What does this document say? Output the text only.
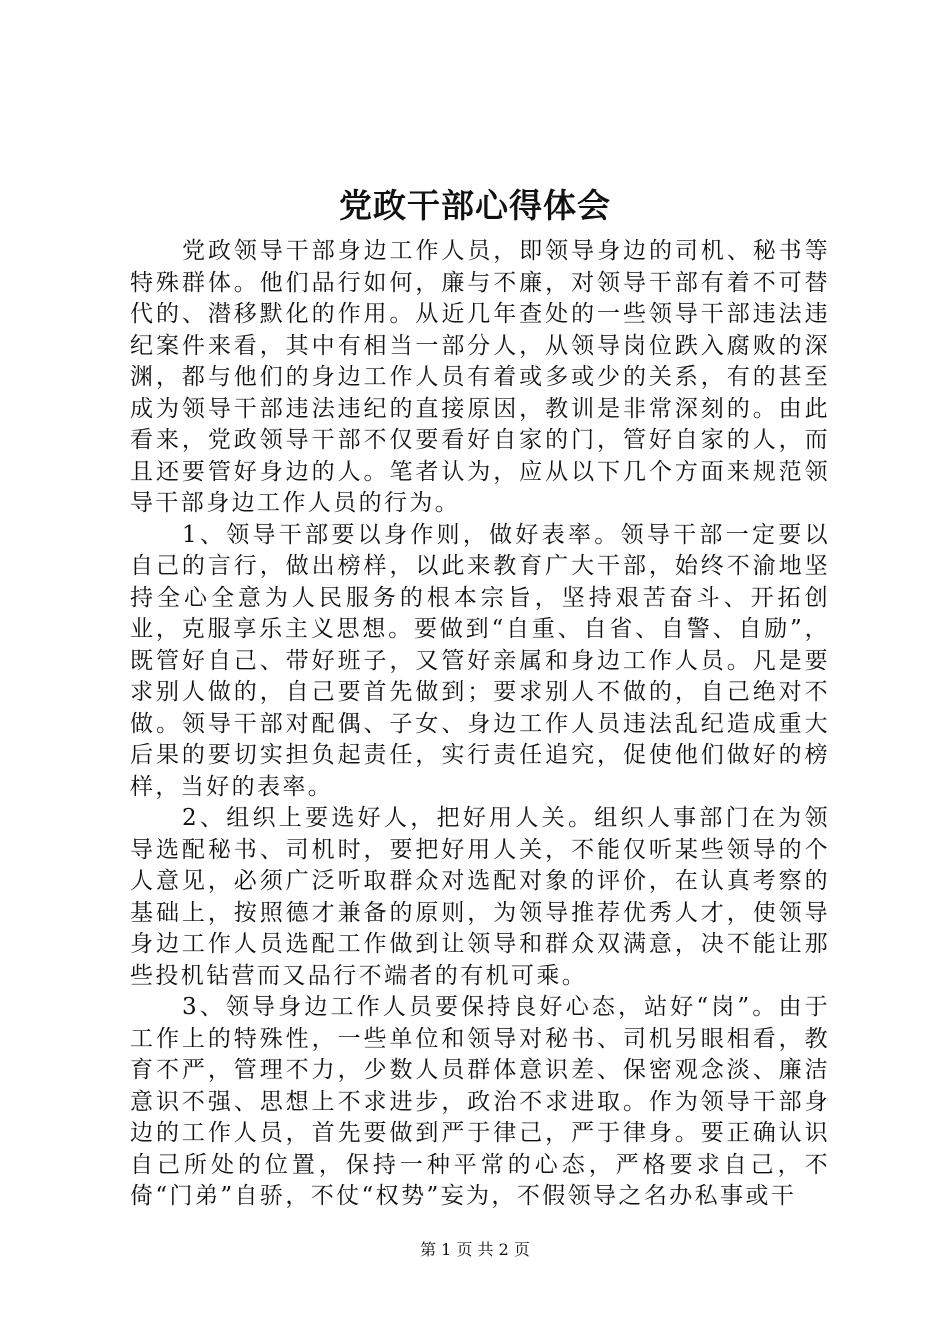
党政干部心得体会

党政领导干部身边工作人员，即领导身边的司机、秘书等特殊群体。他们品行如何，廉与不廉，对领导干部有着不可替代的、潜移默化的作用。从近几年查处的一些领导干部违法违纪案件来看，其中有相当一部分人，从领导岗位跌入腐败的深渊，都与他们的身边工作人员有着或多或少的关系，有的甚至成为领导干部违法违纪的直接原因，教训是非常深刻的。由此看来，党政领导干部不仅要看好自家的门，管好自家的人，而且还要管好身边的人。笔者认为，应从以下几个方面来规范领导干部身边工作人员的行为。

1、领导干部要以身作则，做好表率。领导干部一定要以自己的言行，做出榜样，以此来教育广大干部，始终不渝地坚持全心全意为人民服务的根本宗旨，坚持艰苦奋斗、开拓创业，克服享乐主义思想。要做到“自重、自省、自警、自励”，既管好自己、带好班子，又管好亲属和身边工作人员。凡是要求别人做的，自己要首先做到；要求别人不做的，自己绝对不做。领导干部对配偶、子女、身边工作人员违法乱纪造成重大后果的要切实担负起责任，实行责任追究，促使他们做好的榜样，当好的表率。

2、组织上要选好人，把好用人关。组织人事部门在为领导选配秘书、司机时，要把好用人关，不能仅听某些领导的个人意见，必须广泛听取群众对选配对象的评价，在认真考察的基础上，按照德才兼备的原则，为领导推荐优秀人才，使领导身边工作人员选配工作做到让领导和群众双满意，决不能让那些投机钻营而又品行不端者的有机可乘。

3、领导身边工作人员要保持良好心态，站好“岗”。由于工作上的特殊性，一些单位和领导对秘书、司机另眼相看，教育不严，管理不力，少数人员群体意识差、保密观念淡、廉洁意识不强、思想上不求进步，政治不求进取。作为领导干部身边的工作人员，首先要做到严于律己，严于律身。要正确认识自己所处的位置，保持一种平常的心态，严格要求自己，不倚“门弟”自骄，不仗“权势”妄为，不假领导之名办私事或干

第 1 页 共 2 页
